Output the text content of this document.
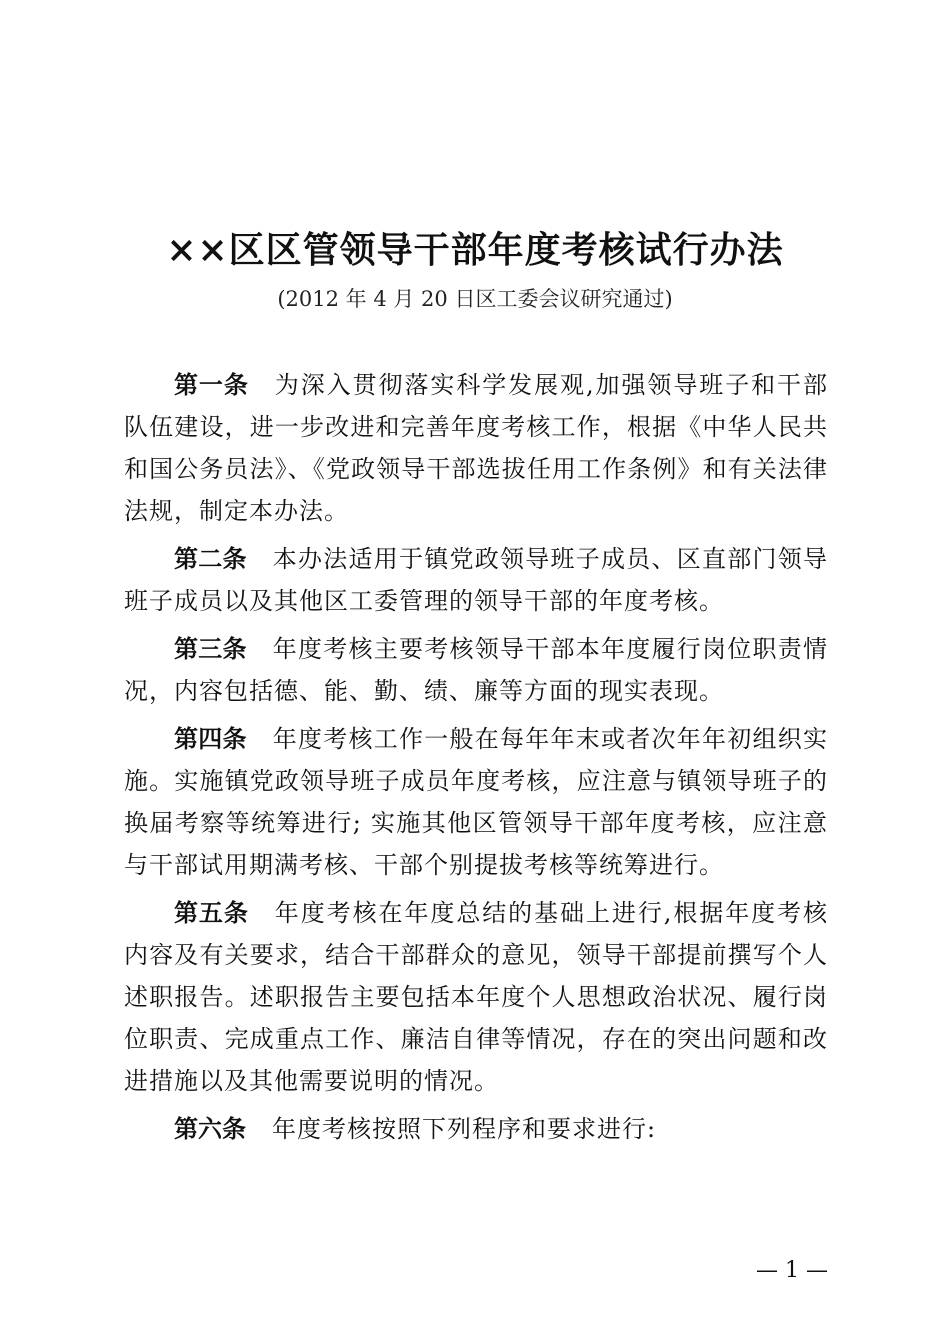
××区区管领导干部年度考核试行办法

(2012 年 4 月 20 日区工委会议研究通过)

第一条 为深入贯彻落实科学发展观,加强领导班子和干部队伍建设，进一步改进和完善年度考核工作，根据《中华人民共和国公务员法》、《党政领导干部选拔任用工作条例》和有关法律法规，制定本办法。

第二条 本办法适用于镇党政领导班子成员、区直部门领导班子成员以及其他区工委管理的领导干部的年度考核。

第三条 年度考核主要考核领导干部本年度履行岗位职责情况，内容包括德、能、勤、绩、廉等方面的现实表现。

第四条 年度考核工作一般在每年年末或者次年年初组织实施。实施镇党政领导班子成员年度考核，应注意与镇领导班子的换届考察等统筹进行; 实施其他区管领导干部年度考核，应注意与干部试用期满考核、干部个别提拔考核等统筹进行。

第五条 年度考核在年度总结的基础上进行,根据年度考核内容及有关要求，结合干部群众的意见，领导干部提前撰写个人述职报告。述职报告主要包括本年度个人思想政治状况、履行岗位职责、完成重点工作、廉洁自律等情况，存在的突出问题和改进措施以及其他需要说明的情况。

第六条 年度考核按照下列程序和要求进行:

— 1 —
